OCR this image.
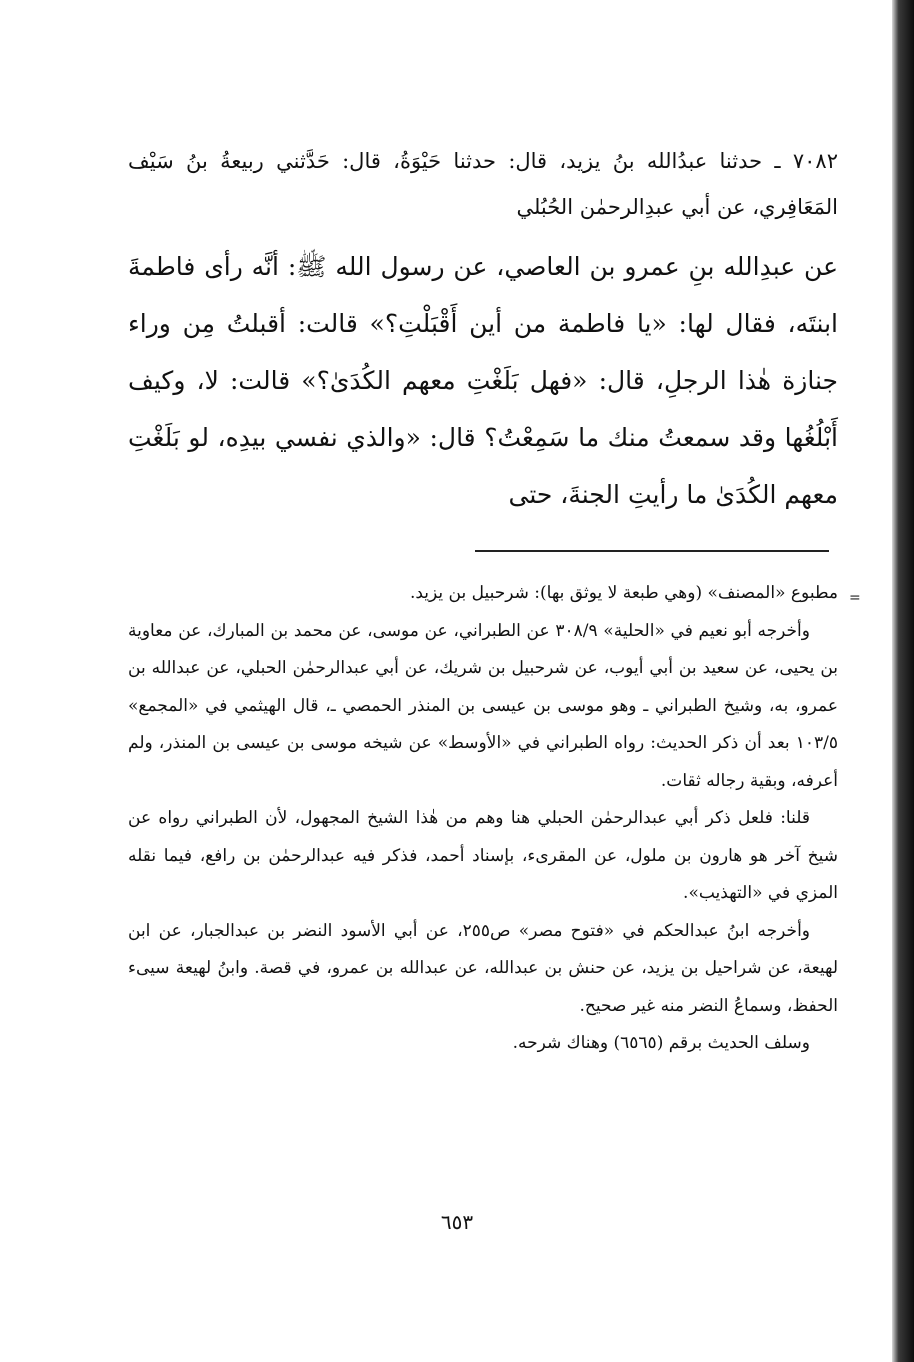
٧٠٨٢ ـ حدثنا عبدُالله بنُ يزيد، قال: حدثنا حَيْوَةُ، قال: حَدَّثني ربيعةُ بنُ سَيْف المَعَافِري، عن أبي عبدِالرحمٰن الحُبُلي

عن عبدِالله بنِ عمرو بن العاصي، عن رسول الله ﷺ: أنَّه رأى فاطمةَ ابنتَه، فقال لها: «يا فاطمة من أين أَقْبَلْتِ؟» قالت: أقبلتُ مِن وراء جنازة هٰذا الرجلِ، قال: «فهل بَلَغْتِ معهم الكُدَىٰ؟» قالت: لا، وكيف أَبْلُغُها وقد سمعتُ منك ما سَمِعْتُ؟ قال: «والذي نفسي بيدِه، لو بَلَغْتِ معهم الكُدَىٰ ما رأيتِ الجنةَ، حتى

=

مطبوع «المصنف» (وهي طبعة لا يوثق بها): شرحبيل بن يزيد.

وأخرجه أبو نعيم في «الحلية» ٣٠٨/٩ عن الطبراني، عن موسى، عن محمد بن المبارك، عن معاوية بن يحيى، عن سعيد بن أبي أيوب، عن شرحبيل بن شريك، عن أبي عبدالرحمٰن الحبلي، عن عبدالله بن عمرو، به، وشيخ الطبراني ـ وهو موسى بن عيسى بن المنذر الحمصي ـ، قال الهيثمي في «المجمع» ١٠٣/٥ بعد أن ذكر الحديث: رواه الطبراني في «الأوسط» عن شيخه موسى بن عيسى بن المنذر، ولم أعرفه، وبقية رجاله ثقات.

قلنا: فلعل ذكر أبي عبدالرحمٰن الحبلي هنا وهم من هٰذا الشيخ المجهول، لأن الطبراني رواه عن شيخ آخر هو هارون بن ملول، عن المقرىء، بإسناد أحمد، فذكر فيه عبدالرحمٰن بن رافع، فيما نقله المزي في «التهذيب».

وأخرجه ابنُ عبدالحكم في «فتوح مصر» ص٢٥٥، عن أبي الأسود النضر بن عبدالجبار، عن ابن لهيعة، عن شراحيل بن يزيد، عن حنش بن عبدالله، عن عبدالله بن عمرو، في قصة. وابنُ لهيعة سيىء الحفظ، وسماعُ النضر منه غير صحيح.

وسلف الحديث برقم (٦٥٦٥) وهناك شرحه.

٦٥٣
